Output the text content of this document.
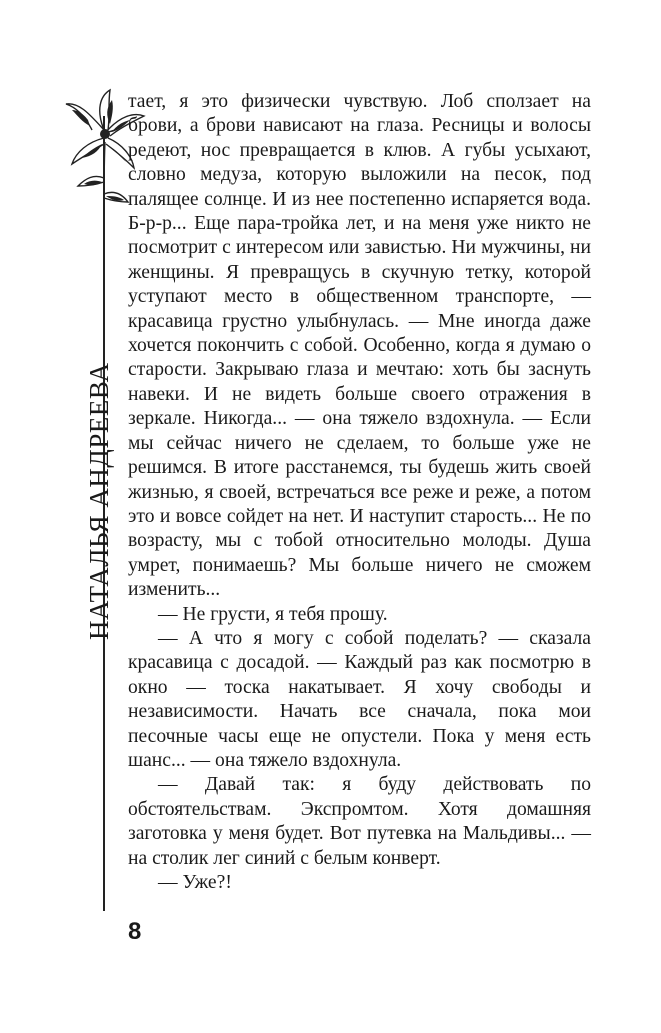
НАТАЛЬЯ АНДРЕЕВА

тает, я это физически чувствую. Лоб сползает на брови, а брови нависают на глаза. Ресницы и волосы редеют, нос превращается в клюв. А губы усыхают, словно медуза, которую выложили на песок, под палящее солнце. И из нее постепенно испаряется вода. Б-р-р... Еще пара-тройка лет, и на меня уже никто не посмотрит с интересом или завистью. Ни мужчины, ни женщины. Я превращусь в скучную тетку, которой уступают место в общественном транспорте, — красавица грустно улыбнулась. — Мне иногда даже хочется покончить с собой. Особенно, когда я думаю о старости. Закрываю глаза и мечтаю: хоть бы заснуть навеки. И не видеть больше своего отражения в зеркале. Никогда... — она тяжело вздохнула. — Если мы сейчас ничего не сделаем, то больше уже не решимся. В итоге расстанемся, ты будешь жить своей жизнью, я своей, встречаться все реже и реже, а потом это и вовсе сойдет на нет. И наступит старость... Не по возрасту, мы с тобой относительно молоды. Душа умрет, понимаешь? Мы больше ничего не сможем изменить...

— Не грусти, я тебя прошу.

— А что я могу с собой поделать? — сказала красавица с досадой. — Каждый раз как посмотрю в окно — тоска накатывает. Я хочу свободы и независимости. Начать все сначала, пока мои песочные часы еще не опустели. Пока у меня есть шанс... — она тяжело вздохнула.

— Давай так: я буду действовать по обстоятельствам. Экспромтом. Хотя домашняя заготовка у меня будет. Вот путевка на Мальдивы... — на столик лег синий с белым конверт.

— Уже?!

8
